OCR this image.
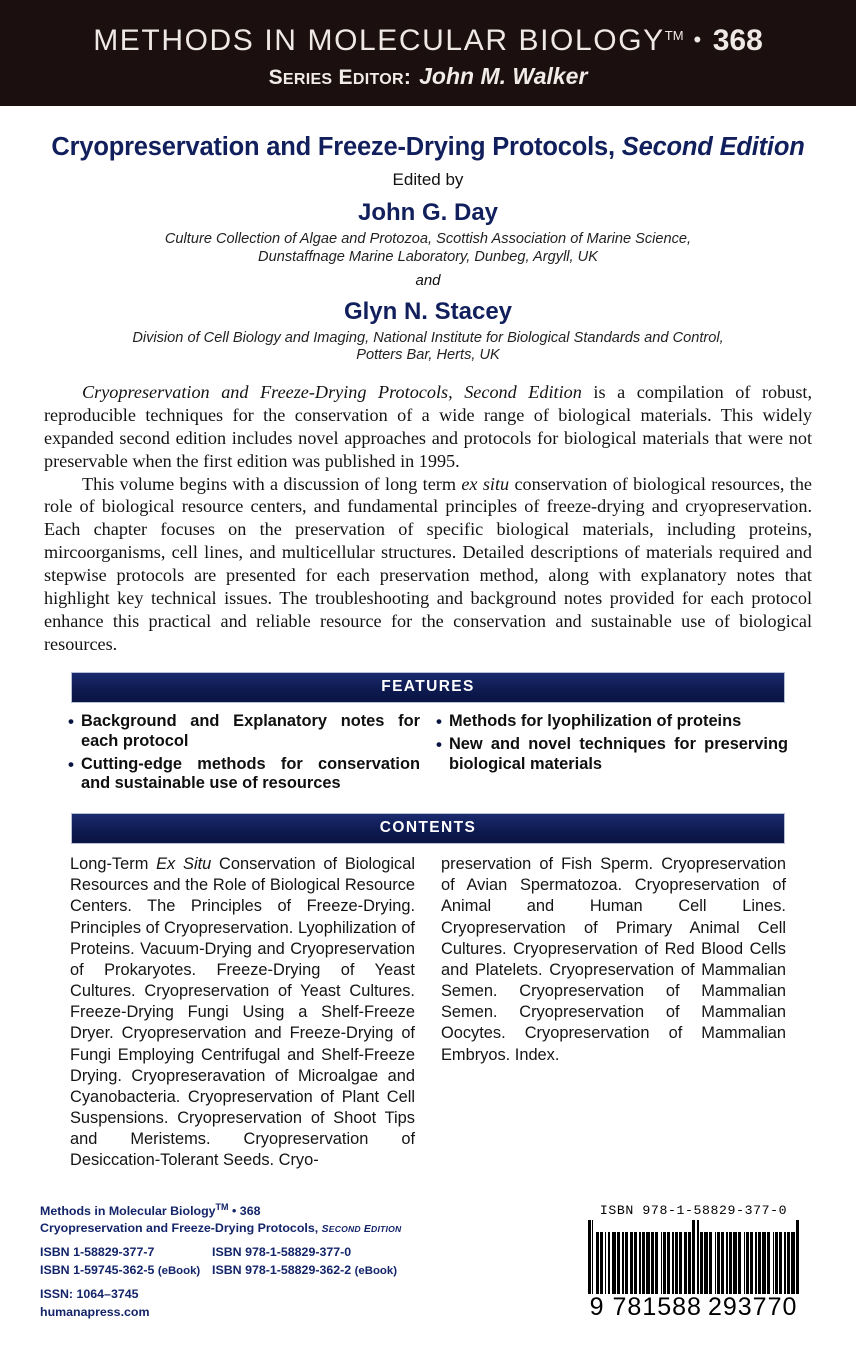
METHODS IN MOLECULAR BIOLOGY™ • 368
SERIES EDITOR: John M. Walker
Cryopreservation and Freeze-Drying Protocols, Second Edition
Edited by
John G. Day
Culture Collection of Algae and Protozoa, Scottish Association of Marine Science,
Dunstaffnage Marine Laboratory, Dunbeg, Argyll, UK
and
Glyn N. Stacey
Division of Cell Biology and Imaging, National Institute for Biological Standards and Control,
Potters Bar, Herts, UK

Cryopreservation and Freeze-Drying Protocols, Second Edition is a compilation of robust, reproducible techniques for the conservation of a wide range of biological materials. This widely expanded second edition includes novel approaches and protocols for biological materials that were not preservable when the first edition was published in 1995.

This volume begins with a discussion of long term ex situ conservation of biological resources, the role of biological resource centers, and fundamental principles of freeze-drying and cryopreservation. Each chapter focuses on the preservation of specific biological materials, including proteins, mircoorganisms, cell lines, and multicellular structures. Detailed descriptions of materials required and stepwise protocols are presented for each preservation method, along with explanatory notes that highlight key technical issues. The troubleshooting and background notes provided for each protocol enhance this practical and reliable resource for the conservation and sustainable use of biological resources.

FEATURES
• Background and Explanatory notes for each protocol
• Cutting-edge methods for conservation and sustainable use of resources
• Methods for lyophilization of proteins
• New and novel techniques for preserving biological materials
CONTENTS
Long-Term Ex Situ Conservation of Biological Resources and the Role of Biological Resource Centers. The Principles of Freeze-Drying. Principles of Cryopreservation. Lyophilization of Proteins. Vacuum-Drying and Cryopreservation of Prokaryotes. Freeze-Drying of Yeast Cultures. Cryopreservation of Yeast Cultures. Freeze-Drying Fungi Using a Shelf-Freeze Dryer. Cryopreservation and Freeze-Drying of Fungi Employing Centrifugal and Shelf-Freeze Drying. Cryopreseravation of Microalgae and Cyanobacteria. Cryopreservation of Plant Cell Suspensions. Cryopreservation of Shoot Tips and Meristems. Cryopreservation of Desiccation-Tolerant Seeds. Cryo-
preservation of Fish Sperm. Cryopreservation of Avian Spermatozoa. Cryopreservation of Animal and Human Cell Lines. Cryopreservation of Primary Animal Cell Cultures. Cryopreservation of Red Blood Cells and Platelets. Cryopreservation of Mammalian Semen. Cryopreservation of Mammalian Semen. Cryopreservation of Mammalian Oocytes. Cryopreservation of Mammalian Embryos. Index.
Methods in Molecular Biology™ • 368
Cryopreservation and Freeze-Drying Protocols, SECOND EDITION
ISBN 1-58829-377-7	ISBN 978-1-58829-377-0
ISBN 1-59745-362-5 (eBook) ISBN 978-1-58829-362-2 (eBook)
ISSN: 1064–3745
humanapress.com
ISBN 978-1-58829-377-0
9 781588 293770
